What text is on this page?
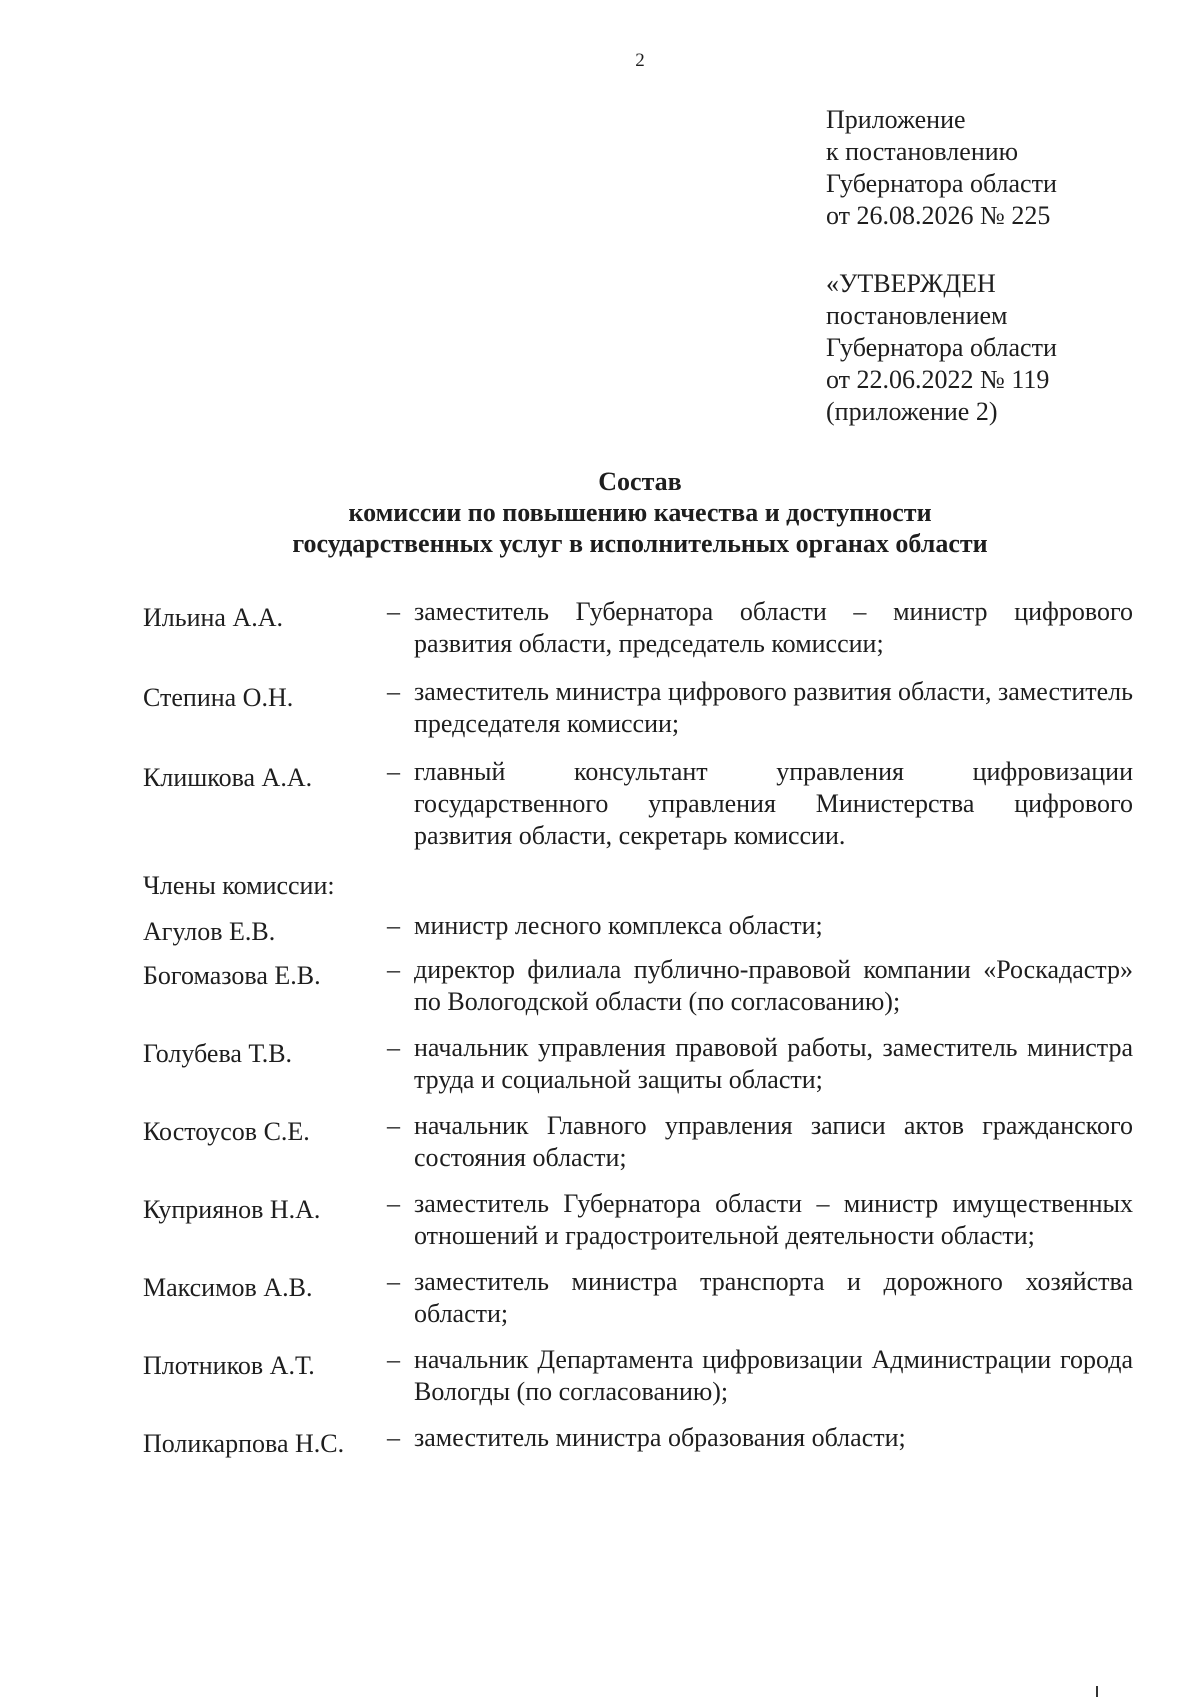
2
Приложение
к постановлению
Губернатора области
от 26.08.2026 № 225
«УТВЕРЖДЕН
постановлением
Губернатора области
от 22.06.2022 № 119
(приложение 2)
Состав
комиссии по повышению качества и доступности
государственных услуг в исполнительных органах области
Ильина А.А.	– заместитель Губернатора области – министр цифрового развития области, председатель комиссии;
Степина О.Н.	– заместитель министра цифрового развития области, заместитель председателя комиссии;
Клишкова А.А.	– главный консультант управления цифровизации государственного управления Министерства цифрового развития области, секретарь комиссии.
Члены комиссии:
Агулов Е.В.	– министр лесного комплекса области;
Богомазова Е.В.	– директор филиала публично-правовой компании «Роскадастр» по Вологодской области (по согласованию);
Голубева Т.В.	– начальник управления правовой работы, заместитель министра труда и социальной защиты области;
Костоусов С.Е.	– начальник Главного управления записи актов гражданского состояния области;
Куприянов Н.А.	– заместитель Губернатора области – министр имущественных отношений и градостроительной деятельности области;
Максимов А.В.	– заместитель министра транспорта и дорожного хозяйства области;
Плотников А.Т.	– начальник Департамента цифровизации Администрации города Вологды (по согласованию);
Поликарпова Н.С.	– заместитель министра образования области;
